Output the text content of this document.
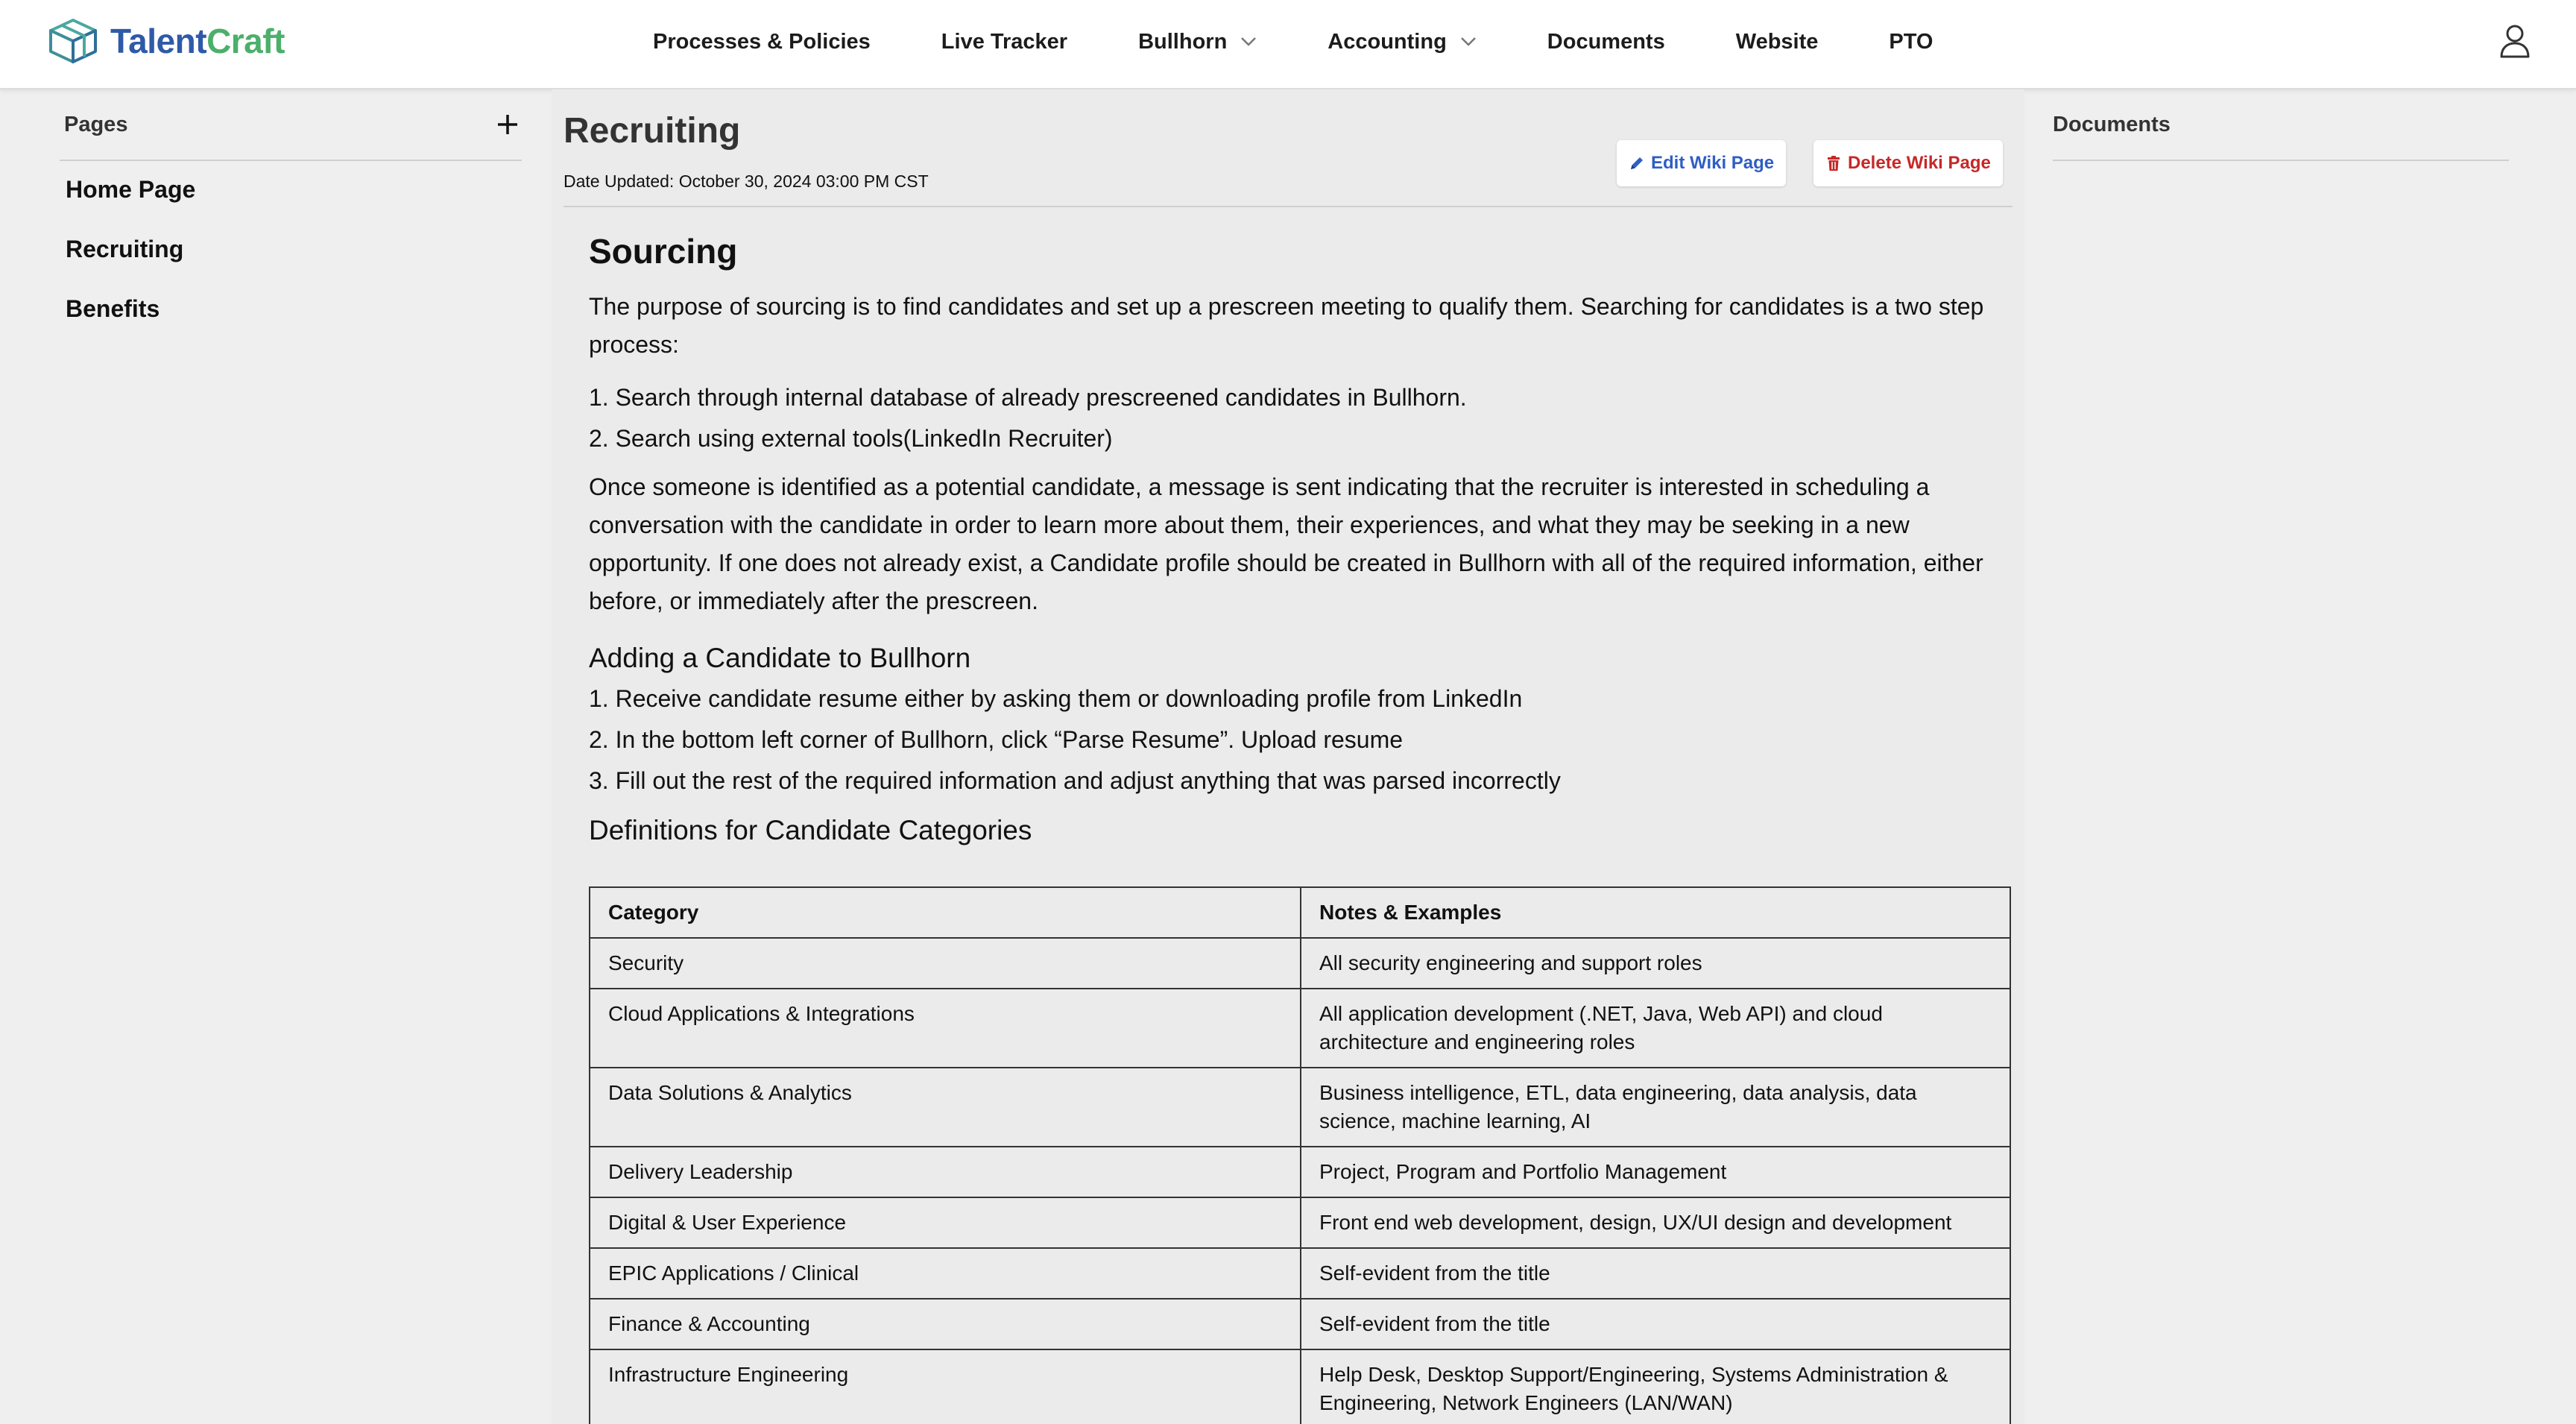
TalentCraft	Processes & Policies	Live Tracker	Bullhorn	Accounting	Documents	Website	PTO
Pages
Home Page
Recruiting
Benefits
Recruiting
Date Updated: October 30, 2024 03:00 PM CST
Edit Wiki Page	Delete Wiki Page
Sourcing

The purpose of sourcing is to find candidates and set up a prescreen meeting to qualify them. Searching for candidates is a two step process:

1. Search through internal database of already prescreened candidates in Bullhorn.
2. Search using external tools(LinkedIn Recruiter)

Once someone is identified as a potential candidate, a message is sent indicating that the recruiter is interested in scheduling a conversation with the candidate in order to learn more about them, their experiences, and what they may be seeking in a new opportunity. If one does not already exist, a Candidate profile should be created in Bullhorn with all of the required information, either before, or immediately after the prescreen.

Adding a Candidate to Bullhorn
1. Receive candidate resume either by asking them or downloading profile from LinkedIn
2. In the bottom left corner of Bullhorn, click “Parse Resume”. Upload resume
3. Fill out the rest of the required information and adjust anything that was parsed incorrectly
Definitions for Candidate Categories
Category	Notes & Examples
Security	All security engineering and support roles
Cloud Applications & Integrations	All application development (.NET, Java, Web API) and cloud architecture and engineering roles
Data Solutions & Analytics	Business intelligence, ETL, data engineering, data analysis, data science, machine learning, AI
Delivery Leadership	Project, Program and Portfolio Management
Digital & User Experience	Front end web development, design, UX/UI design and development
EPIC Applications / Clinical	Self-evident from the title
Finance & Accounting	Self-evident from the title
Infrastructure Engineering	Help Desk, Desktop Support/Engineering, Systems Administration & Engineering, Network Engineers (LAN/WAN)
Documents
